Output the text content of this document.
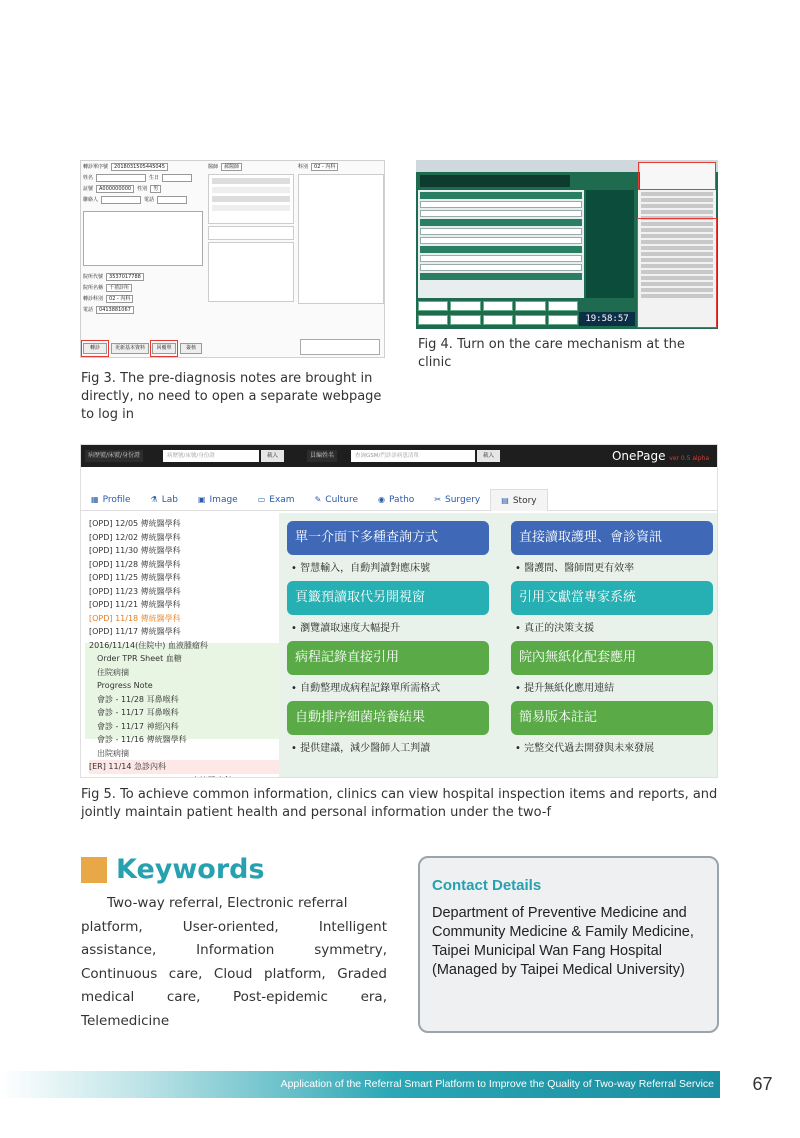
轉診單序號	2018031505445045
姓名	生日
証號	A000000000	性別	男
聯絡人	電話
院所代號	3537017788
院所名稱	千禧診所
轉診科別	02 - 內科
電話	0413881067
轉診	更新基本資料	回覆單	簽核
醫師	郝醫師	科別	02 - 內科
19:58:57
Fig 3. The pre-diagnosis notes are brought in directly, no need to open a separate webpage to log in
Fig 4. Turn on the care mechanism at the clinic
病歷號/床號/身份證	病歷號/床號/身份證	載入	員編姓名	查詢GSM/門診診病患清單	載入	OnePage ver 0.5 alpha
▦ Profile	⚗ Lab	▣ Image	▭ Exam	✎ Culture	◉ Patho	✂ Surgery	▤ Story
[OPD] 12/05 傳統醫學科
[OPD] 12/02 傳統醫學科
[OPD] 11/30 傳統醫學科
[OPD] 11/28 傳統醫學科
[OPD] 11/25 傳統醫學科
[OPD] 11/23 傳統醫學科
[OPD] 11/21 傳統醫學科
[OPD] 11/18 傳統醫學科
[OPD] 11/17 傳統醫學科
2016/11/14(住院中) 血液腫瘤科
Order TPR Sheet 血糖
住院病摘
Progress Note
會診 - 11/28 耳鼻喉科
會診 - 11/17 耳鼻喉科
會診 - 11/17 神經內科
會診 - 11/16 傳統醫學科
出院病摘
[ER] 11/14 急診內科
單一介面下多種查詢方式
• 智慧輸入，自動判讀對應床號
直接讀取護理、會診資訊
• 醫護間、醫師間更有效率
頁籤預讀取代另開視窗
• 瀏覽讀取速度大幅提升
引用文獻當專家系統
• 真正的決策支援
病程記錄直接引用
• 自動整理成病程記錄單所需格式
院內無紙化配套應用
• 提升無紙化應用連結
自動排序細菌培養結果
• 提供建議，減少醫師人工判讀
簡易版本註記
• 完整交代過去開發與未來發展
Fig 5. To achieve common information, clinics can view hospital inspection items and reports, and jointly maintain patient health and personal information under the two-f
Keywords
Two-way referral, Electronic referral
platform, User-oriented, Intelligent assistance, Information symmetry, Continuous care, Cloud platform, Graded medical care, Post-epidemic era, Telemedicine
Contact Details
Department of Preventive Medicine and Community Medicine & Family Medicine, Taipei Municipal Wan Fang Hospital (Managed by Taipei Medical University)
Application of the Referral Smart Platform to Improve the Quality of Two-way Referral Service	67
